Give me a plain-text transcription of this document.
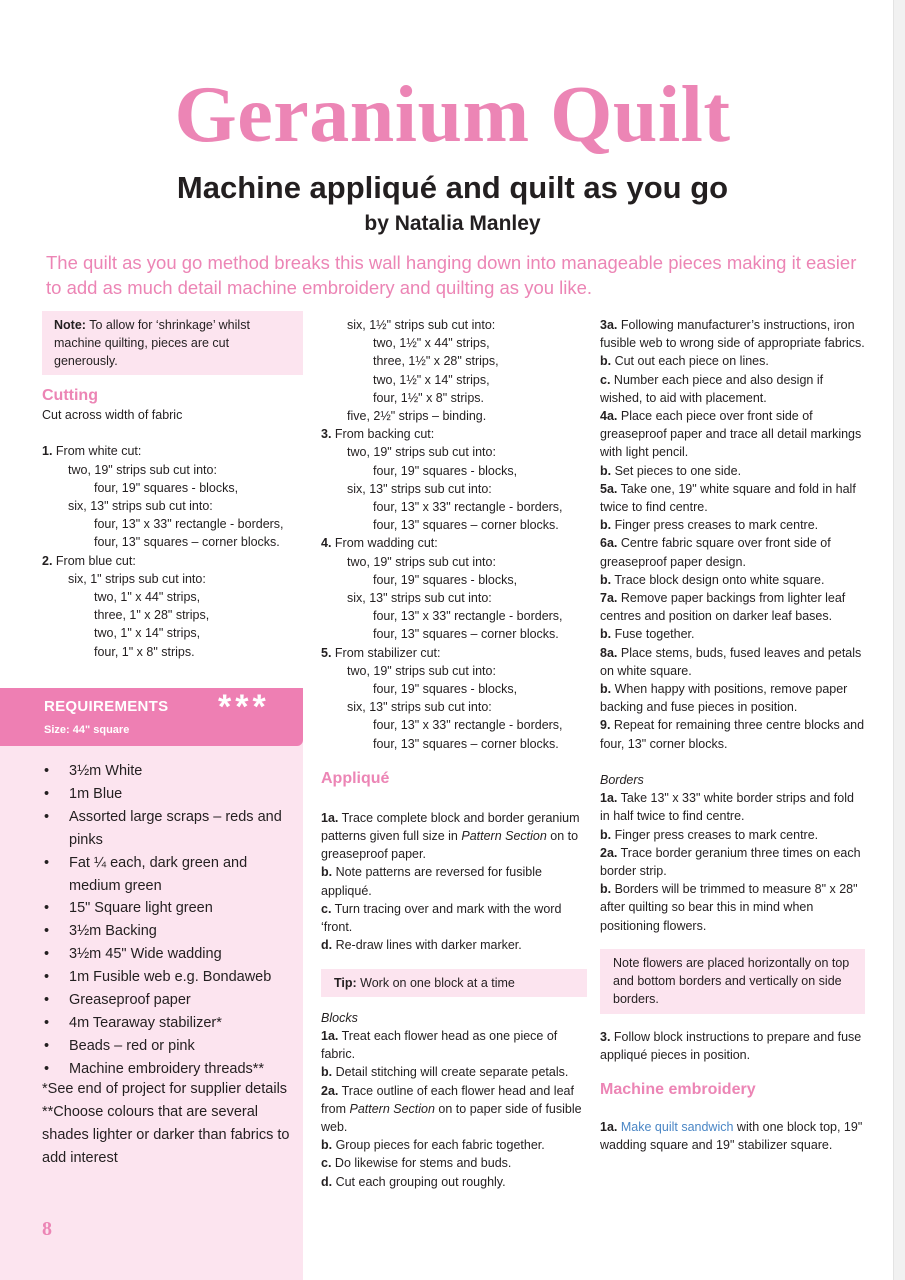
Geranium Quilt
Machine appliqué and quilt as you go
by Natalia Manley

The quilt as you go method breaks this wall hanging down into manageable pieces making it easier to add as much detail machine embroidery and quilting as you like.

Note: To allow for ‘shrinkage’ whilst machine quilting, pieces are cut generously.
Cutting
Cut across width of fabric
1. From white cut:
two, 19" strips sub cut into:
four, 19" squares - blocks,
six, 13" strips sub cut into:
four, 13" x 33" rectangle - borders,
four, 13" squares – corner blocks.
2. From blue cut:
six, 1" strips sub cut into:
two, 1" x 44" strips,
three, 1" x 28" strips,
two, 1" x 14" strips,
four, 1" x 8" strips.
REQUIREMENTS
Size: 44" square
***
• 3½m White
• 1m Blue
• Assorted large scraps – reds and pinks
• Fat ¼ each, dark green and medium green
• 15" Square light green
• 3½m Backing
• 3½m 45" Wide wadding
• 1m Fusible web e.g. Bondaweb
• Greaseproof paper
• 4m Tearaway stabilizer*
• Beads – red or pink
• Machine embroidery threads**
*See end of project for supplier details
**Choose colours that are several shades lighter or darker than fabrics to add interest
8
six, 1½" strips sub cut into:
two, 1½" x 44" strips,
three, 1½" x 28" strips,
two, 1½" x 14" strips,
four, 1½" x 8" strips.
five, 2½" strips – binding.
3. From backing cut:
two, 19" strips sub cut into:
four, 19" squares - blocks,
six, 13" strips sub cut into:
four, 13" x 33" rectangle - borders,
four, 13" squares – corner blocks.
4. From wadding cut:
two, 19" strips sub cut into:
four, 19" squares - blocks,
six, 13" strips sub cut into:
four, 13" x 33" rectangle - borders,
four, 13" squares – corner blocks.
5. From stabilizer cut:
two, 19" strips sub cut into:
four, 19" squares - blocks,
six, 13" strips sub cut into:
four, 13" x 33" rectangle - borders,
four, 13" squares – corner blocks.
Appliqué
1a. Trace complete block and border geranium patterns given full size in Pattern Section on to greaseproof paper.
b. Note patterns are reversed for fusible appliqué.
c. Turn tracing over and mark with the word ‘front.
d. Re-draw lines with darker marker.
Tip: Work on one block at a time
Blocks
1a. Treat each flower head as one piece of fabric.
b. Detail stitching will create separate petals.
2a. Trace outline of each flower head and leaf from Pattern Section on to paper side of fusible web.
b. Group pieces for each fabric together.
c. Do likewise for stems and buds.
d. Cut each grouping out roughly.
3a. Following manufacturer’s instructions, iron fusible web to wrong side of appropriate fabrics.
b. Cut out each piece on lines.
c. Number each piece and also design if wished, to aid with placement.
4a. Place each piece over front side of greaseproof paper and trace all detail markings with light pencil.
b. Set pieces to one side.
5a. Take one, 19" white square and fold in half twice to find centre.
b. Finger press creases to mark centre.
6a. Centre fabric square over front side of greaseproof paper design.
b. Trace block design onto white square.
7a. Remove paper backings from lighter leaf centres and position on darker leaf bases.
b. Fuse together.
8a. Place stems, buds, fused leaves and petals on white square.
b. When happy with positions, remove paper backing and fuse pieces in position.
9. Repeat for remaining three centre blocks and four, 13" corner blocks.
Borders
1a. Take 13" x 33" white border strips and fold in half twice to find centre.
b. Finger press creases to mark centre.
2a. Trace border geranium three times on each border strip.
b. Borders will be trimmed to measure 8" x 28" after quilting so bear this in mind when positioning flowers.
Note flowers are placed horizontally on top and bottom borders and vertically on side borders.
3. Follow block instructions to prepare and fuse appliqué pieces in position.
Machine embroidery
1a. Make quilt sandwich with one block top, 19" wadding square and 19" stabilizer square.
